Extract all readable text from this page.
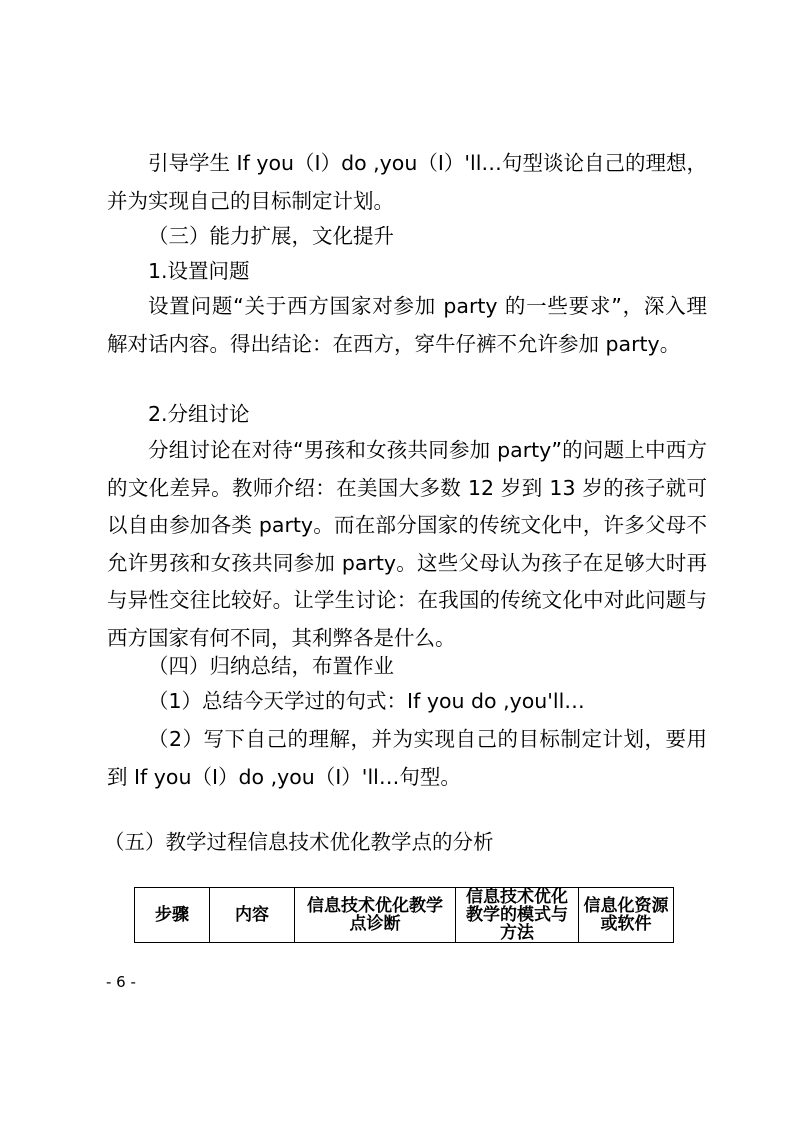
引导学生 If you（I）do ,you（I）'ll…句型谈论自己的理想，并为实现自己的目标制定计划。

（三）能力扩展，文化提升

1.设置问题

设置问题“关于西方国家对参加 party 的一些要求”，深入理解对话内容。得出结论：在西方，穿牛仔裤不允许参加 party。

2.分组讨论

分组讨论在对待“男孩和女孩共同参加 party”的问题上中西方的文化差异。教师介绍：在美国大多数 12 岁到 13 岁的孩子就可以自由参加各类 party。而在部分国家的传统文化中，许多父母不允许男孩和女孩共同参加 party。这些父母认为孩子在足够大时再与异性交往比较好。让学生讨论：在我国的传统文化中对此问题与西方国家有何不同，其利弊各是什么。

（四）归纳总结，布置作业

（1）总结今天学过的句式：If you do ,you'll…

（2）写下自己的理解，并为实现自己的目标制定计划，要用到 If you（I）do ,you（I）'ll…句型。

（五）教学过程信息技术优化教学点的分析

步骤	内容	信息技术优化教学点诊断	信息技术优化教学的模式与方法	信息化资源或软件

- 6 -
